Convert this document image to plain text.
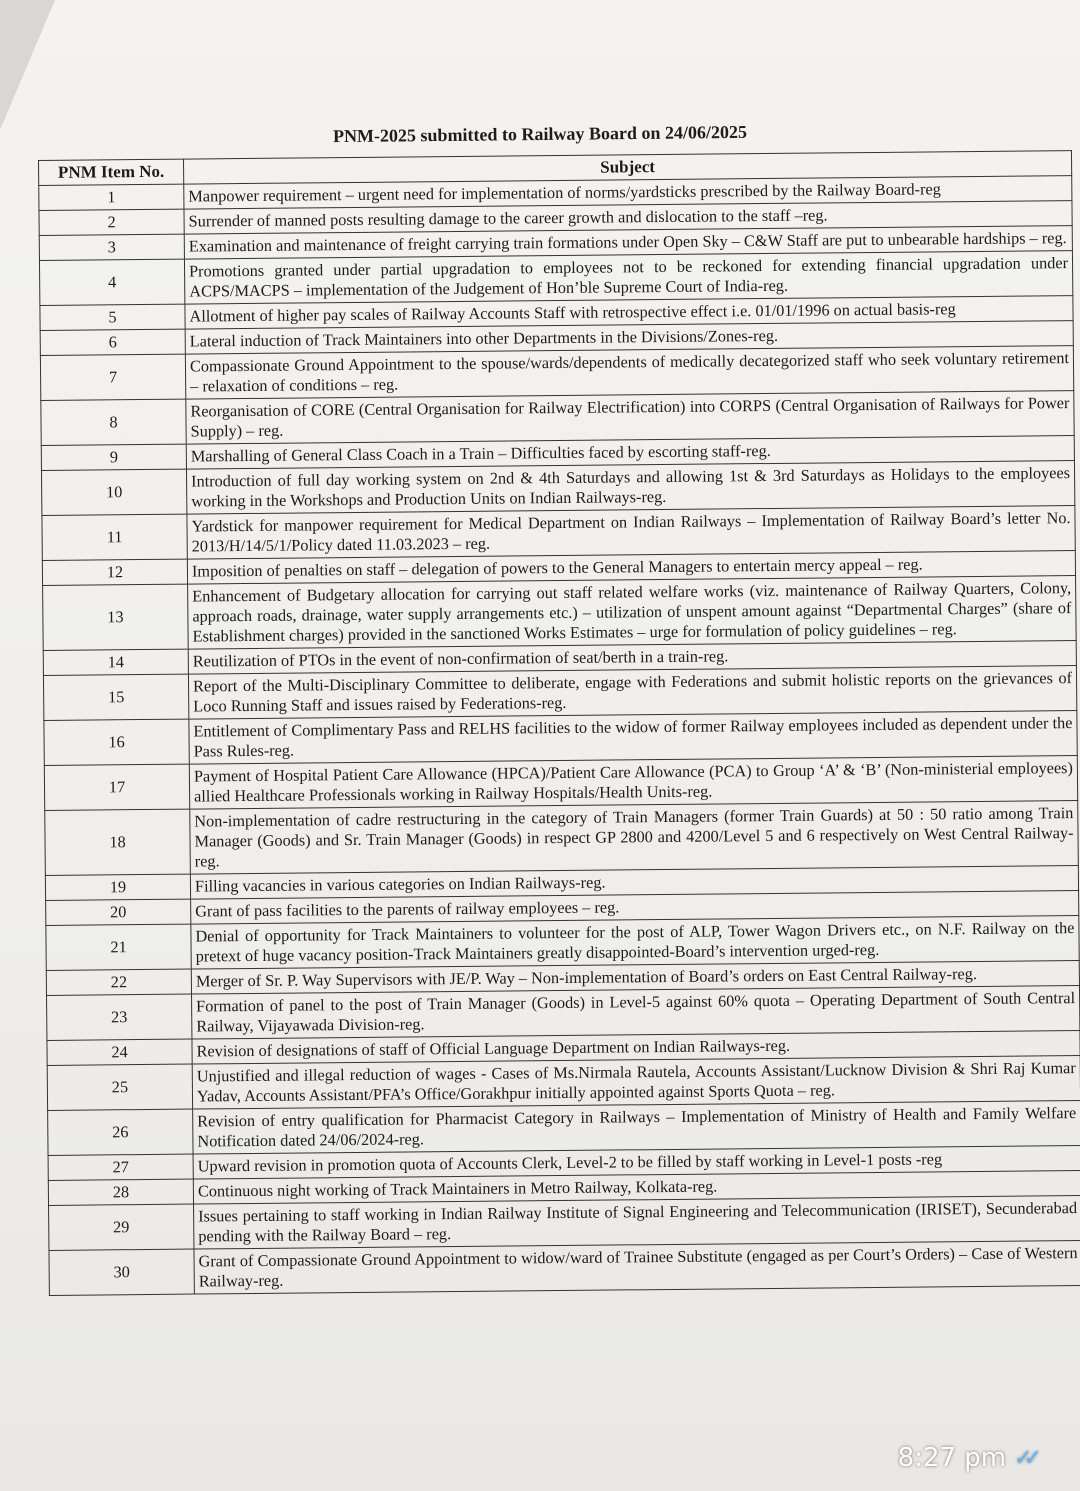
PNM-2025 submitted to Railway Board on 24/06/2025
PNM Item No.	Subject
1	Manpower requirement – urgent need for implementation of norms/yardsticks prescribed by the Railway Board-reg
2	Surrender of manned posts resulting damage to the career growth and dislocation to the staff –reg.
3	Examination and maintenance of freight carrying train formations under Open Sky – C&W Staff are put to unbearable hardships – reg.
4	Promotions granted under partial upgradation to employees not to be reckoned for extending financial upgradation under ACPS/MACPS – implementation of the Judgement of Hon’ble Supreme Court of India-reg.
5	Allotment of higher pay scales of Railway Accounts Staff with retrospective effect i.e. 01/01/1996 on actual basis-reg
6	Lateral induction of Track Maintainers into other Departments in the Divisions/Zones-reg.
7	Compassionate Ground Appointment to the spouse/wards/dependents of medically decategorized staff who seek voluntary retirement – relaxation of conditions – reg.
8	Reorganisation of CORE (Central Organisation for Railway Electrification) into CORPS (Central Organisation of Railways for Power Supply) – reg.
9	Marshalling of General Class Coach in a Train – Difficulties faced by escorting staff-reg.
10	Introduction of full day working system on 2nd & 4th Saturdays and allowing 1st & 3rd Saturdays as Holidays to the employees working in the Workshops and Production Units on Indian Railways-reg.
11	Yardstick for manpower requirement for Medical Department on Indian Railways – Implementation of Railway Board’s letter No. 2013/H/14/5/1/Policy dated 11.03.2023 – reg.
12	Imposition of penalties on staff – delegation of powers to the General Managers to entertain mercy appeal – reg.
13	Enhancement of Budgetary allocation for carrying out staff related welfare works (viz. maintenance of Railway Quarters, Colony, approach roads, drainage, water supply arrangements etc.) – utilization of unspent amount against “Departmental Charges” (share of Establishment charges) provided in the sanctioned Works Estimates – urge for formulation of policy guidelines – reg.
14	Reutilization of PTOs in the event of non-confirmation of seat/berth in a train-reg.
15	Report of the Multi-Disciplinary Committee to deliberate, engage with Federations and submit holistic reports on the grievances of Loco Running Staff and issues raised by Federations-reg.
16	Entitlement of Complimentary Pass and RELHS facilities to the widow of former Railway employees included as dependent under the Pass Rules-reg.
17	Payment of Hospital Patient Care Allowance (HPCA)/Patient Care Allowance (PCA) to Group ‘A’ & ‘B’ (Non-ministerial employees) allied Healthcare Professionals working in Railway Hospitals/Health Units-reg.
18	Non-implementation of cadre restructuring in the category of Train Managers (former Train Guards) at 50 : 50 ratio among Train Manager (Goods) and Sr. Train Manager (Goods) in respect GP 2800 and 4200/Level 5 and 6 respectively on West Central Railway-reg.
19	Filling vacancies in various categories on Indian Railways-reg.
20	Grant of pass facilities to the parents of railway employees – reg.
21	Denial of opportunity for Track Maintainers to volunteer for the post of ALP, Tower Wagon Drivers etc., on N.F. Railway on the pretext of huge vacancy position-Track Maintainers greatly disappointed-Board’s intervention urged-reg.
22	Merger of Sr. P. Way Supervisors with JE/P. Way – Non-implementation of Board’s orders on East Central Railway-reg.
23	Formation of panel to the post of Train Manager (Goods) in Level-5 against 60% quota – Operating Department of South Central Railway, Vijayawada Division-reg.
24	Revision of designations of staff of Official Language Department on Indian Railways-reg.
25	Unjustified and illegal reduction of wages - Cases of Ms.Nirmala Rautela, Accounts Assistant/Lucknow Division & Shri Raj Kumar Yadav, Accounts Assistant/PFA’s Office/Gorakhpur initially appointed against Sports Quota – reg.
26	Revision of entry qualification for Pharmacist Category in Railways – Implementation of Ministry of Health and Family Welfare Notification dated 24/06/2024-reg.
27	Upward revision in promotion quota of Accounts Clerk, Level-2 to be filled by staff working in Level-1 posts -reg
28	Continuous night working of Track Maintainers in Metro Railway, Kolkata-reg.
29	Issues pertaining to staff working in Indian Railway Institute of Signal Engineering and Telecommunication (IRISET), Secunderabad pending with the Railway Board – reg.
30	Grant of Compassionate Ground Appointment to widow/ward of Trainee Substitute (engaged as per Court’s Orders) – Case of Western Railway-reg.
8:27 pm ✓✓
